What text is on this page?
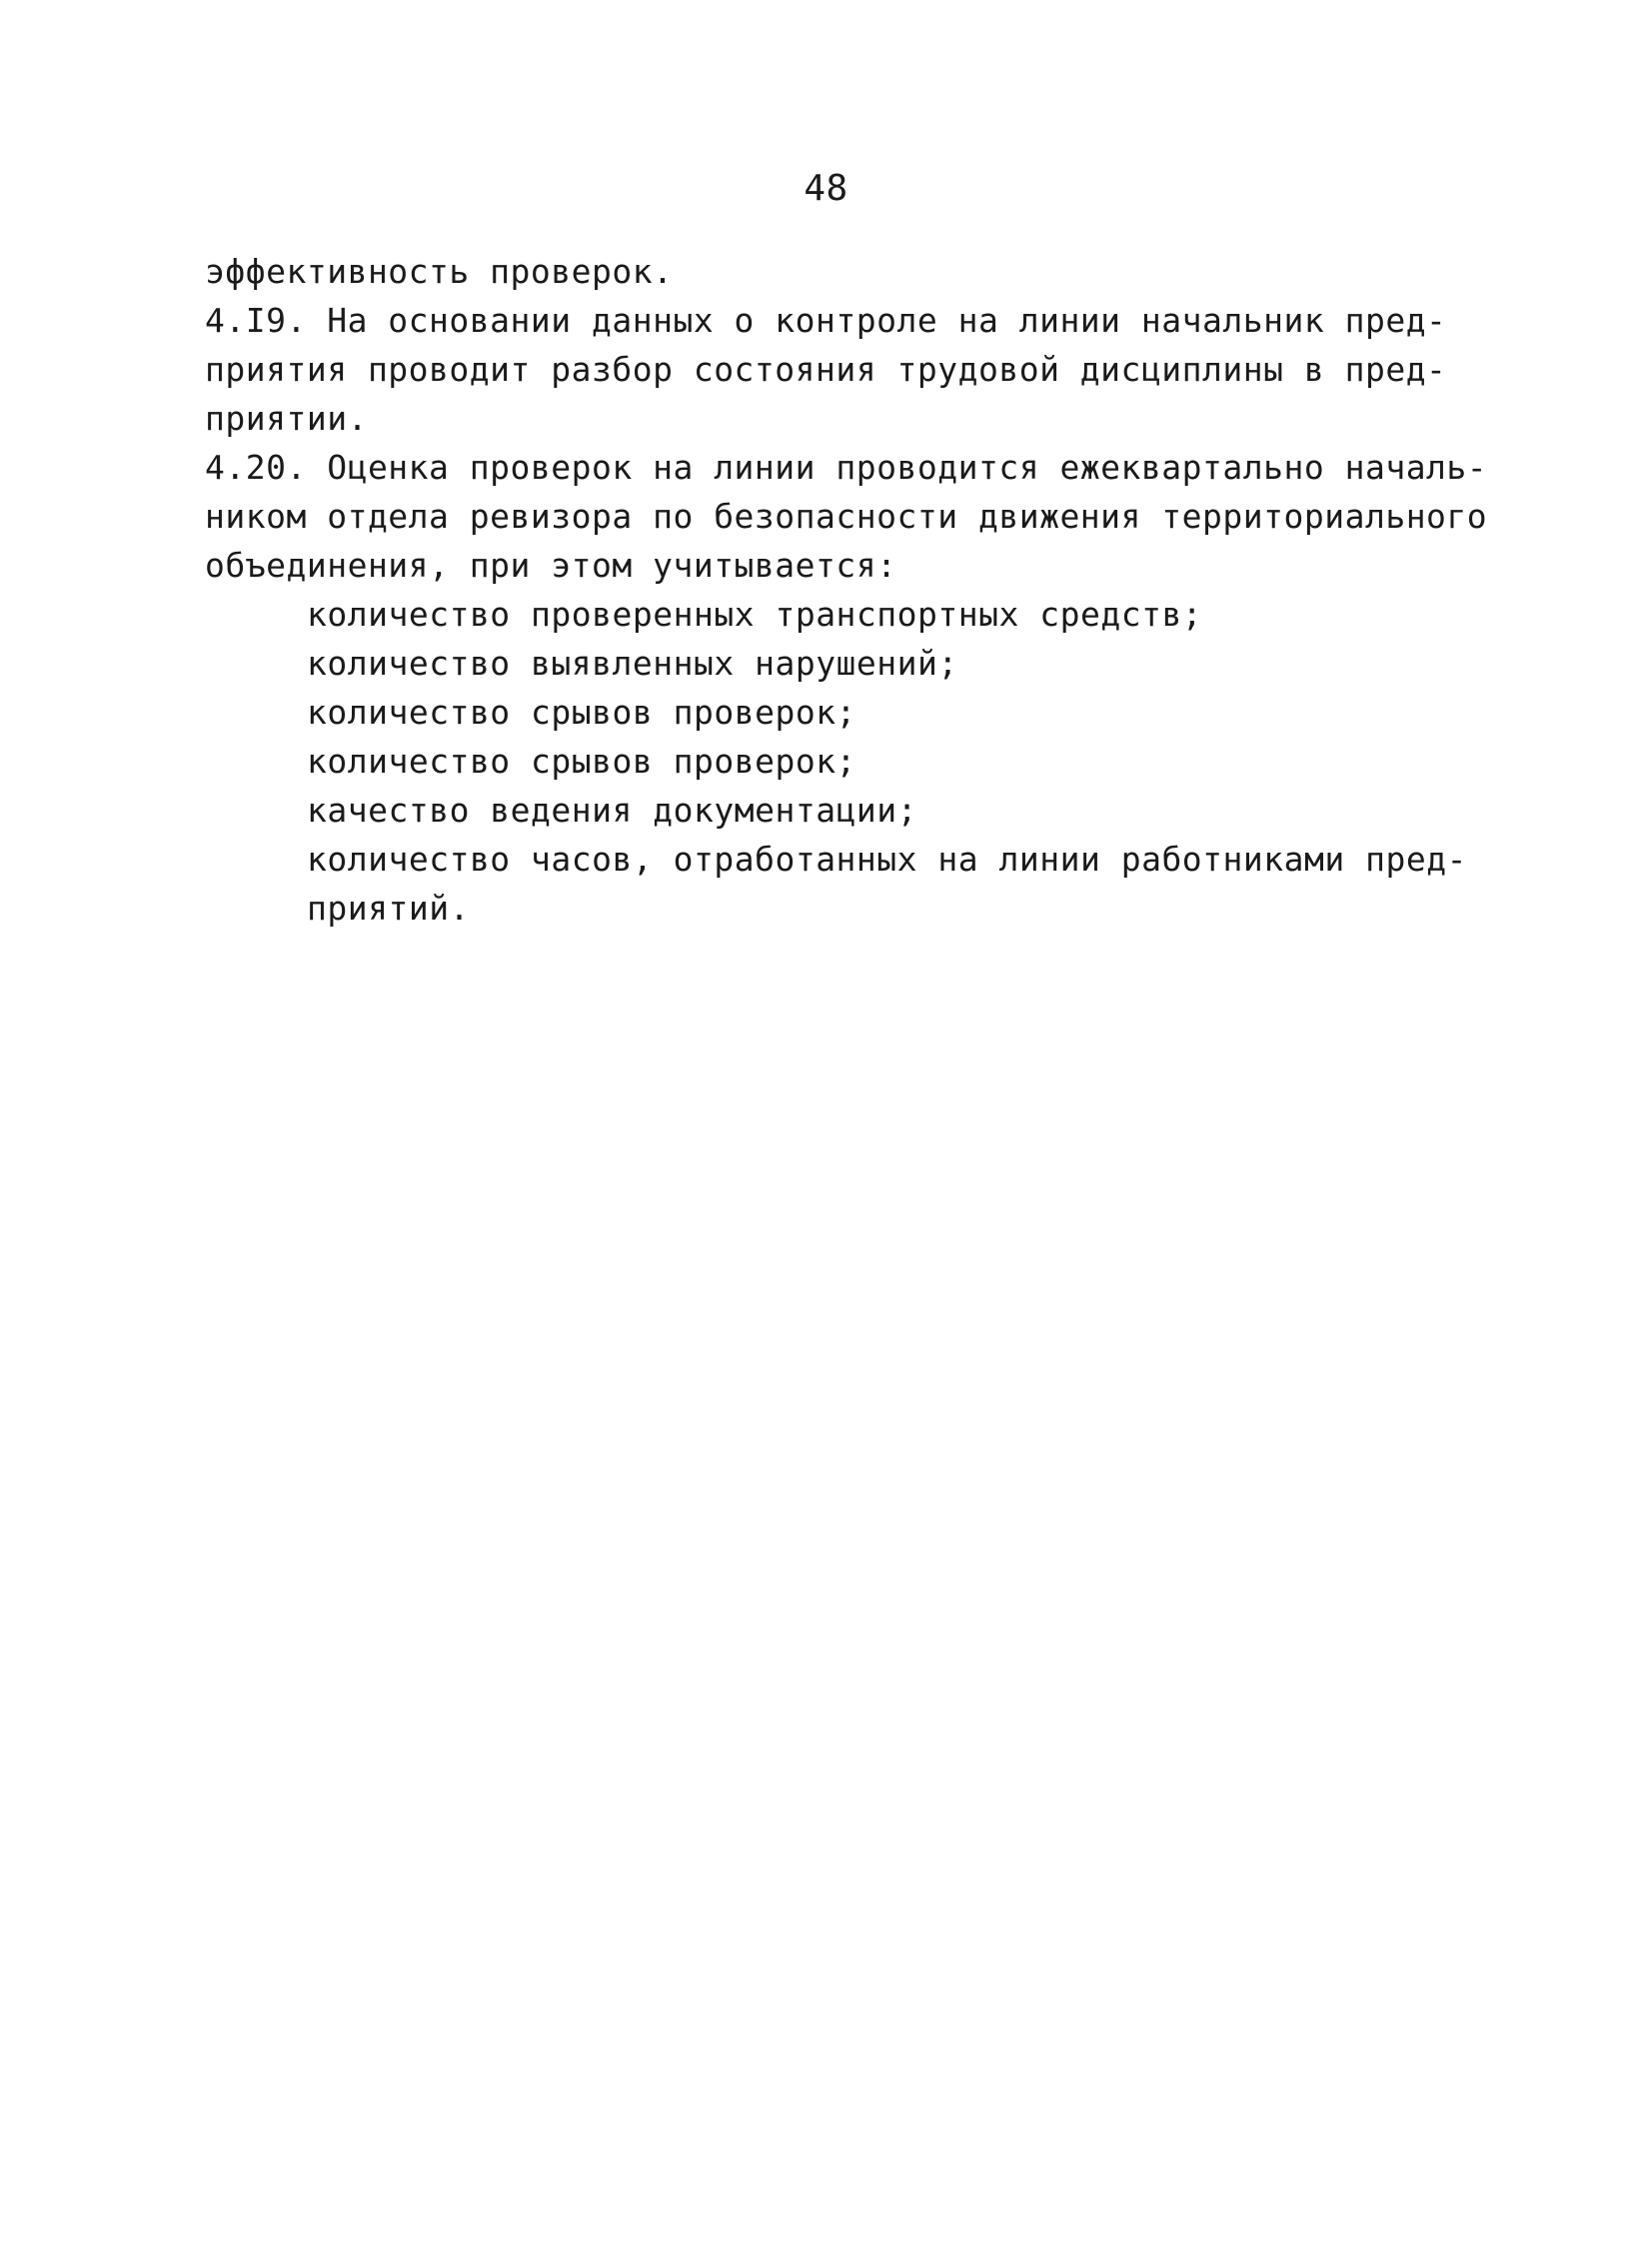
48
эффективность проверок.
4.I9. На основании данных о контроле на линии начальник пред-
приятия проводит разбор состояния трудовой дисциплины в пред-
приятии.
4.20. Оценка проверок на линии проводится ежеквартально началь-
ником отдела ревизора по безопасности движения территориального
объединения, при этом учитывается:
количество проверенных транспортных средств;
количество выявленных нарушений;
количество срывов проверок;
количество срывов проверок;
качество ведения документации;
количество часов, отработанных на линии работниками пред-
приятий.
